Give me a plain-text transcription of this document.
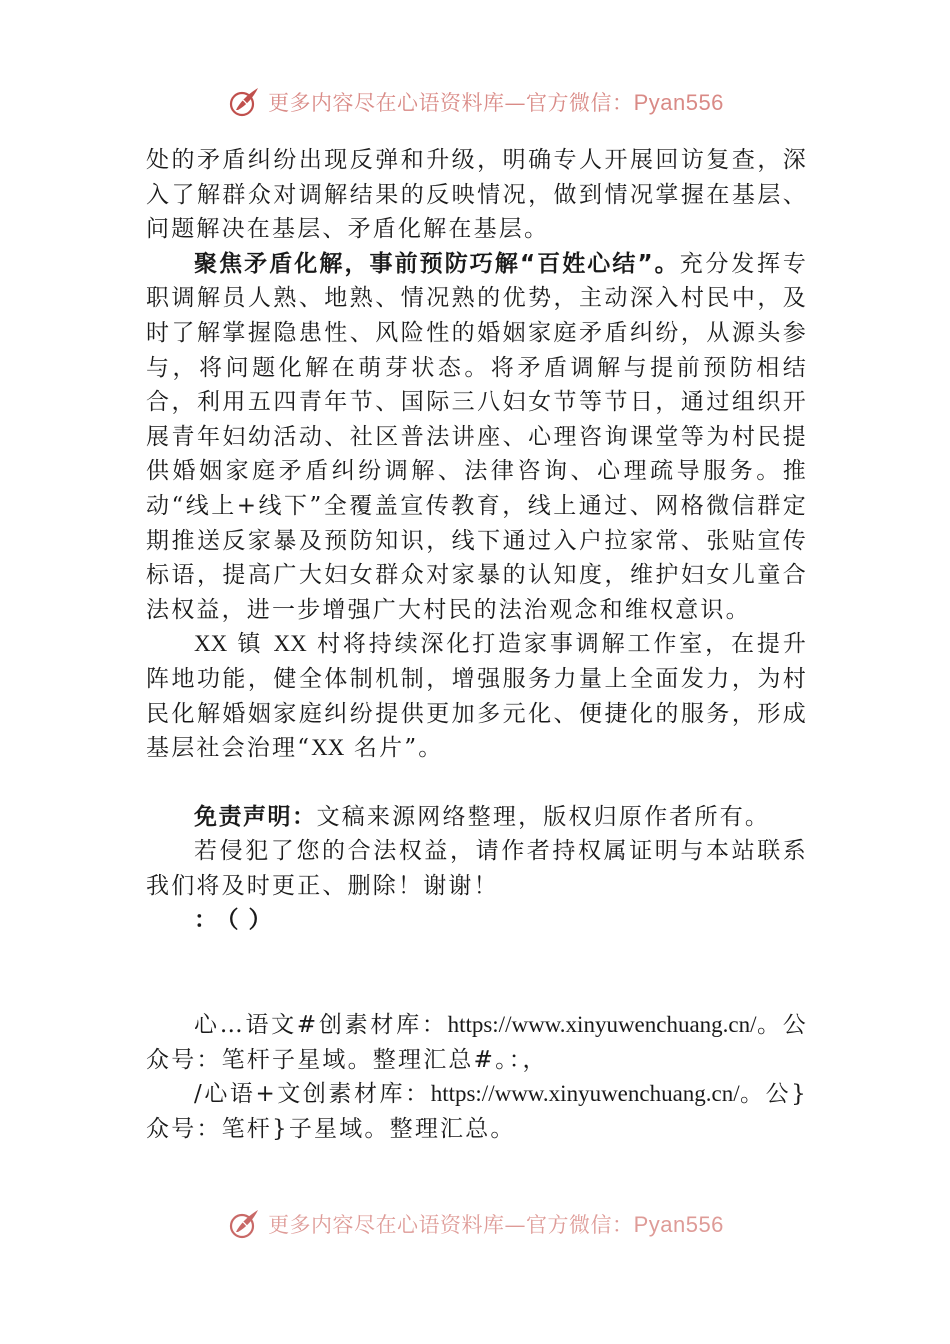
更多内容尽在心语资料库—官方微信：Pyan556

处的矛盾纠纷出现反弹和升级，明确专人开展回访复查，深入了解群众对调解结果的反映情况，做到情况掌握在基层、问题解决在基层、矛盾化解在基层。

聚焦矛盾化解，事前预防巧解“百姓心结”。充分发挥专职调解员人熟、地熟、情况熟的优势，主动深入村民中，及时了解掌握隐患性、风险性的婚姻家庭矛盾纠纷，从源头参与，将问题化解在萌芽状态。将矛盾调解与提前预防相结合，利用五四青年节、国际三八妇女节等节日，通过组织开展青年妇幼活动、社区普法讲座、心理咨询课堂等为村民提供婚姻家庭矛盾纠纷调解、法律咨询、心理疏导服务。推动“线上+线下”全覆盖宣传教育，线上通过、网格微信群定期推送反家暴及预防知识，线下通过入户拉家常、张贴宣传标语，提高广大妇女群众对家暴的认知度，维护妇女儿童合法权益，进一步增强广大村民的法治观念和维权意识。

XX 镇 XX 村将持续深化打造家事调解工作室，在提升阵地功能，健全体制机制，增强服务力量上全面发力，为村民化解婚姻家庭纠纷提供更加多元化、便捷化的服务，形成基层社会治理“XX 名片”。

免责声明：文稿来源网络整理，版权归原作者所有。

若侵犯了您的合法权益，请作者持权属证明与本站联系我们将及时更正、删除！谢谢！

：（）

心…语文#创素材库：https://www.xinyuwenchuang.cn/。公众号：笔杆子星域。整理汇总#。：，

/心语+文创素材库：https://www.xinyuwenchuang.cn/。公}众号：笔杆}子星域。整理汇总。

更多内容尽在心语资料库—官方微信：Pyan556
